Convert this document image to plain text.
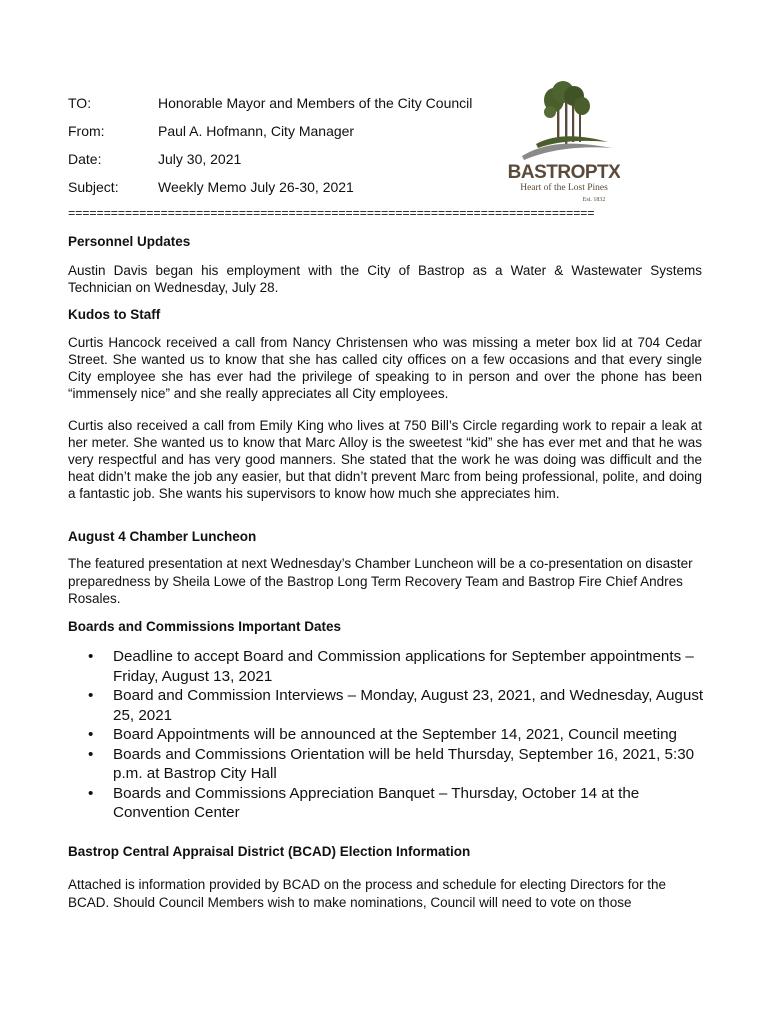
TO:	Honorable Mayor and Members of the City Council
From:	Paul A. Hofmann, City Manager
Date:	July 30, 2021
Subject:	Weekly Memo July 26-30, 2021
BASTROPTX
Heart of the Lost Pines
Est. 1832
==========================================================================
Personnel Updates
Austin Davis began his employment with the City of Bastrop as a Water & Wastewater Systems Technician on Wednesday, July 28.
Kudos to Staff
Curtis Hancock received a call from Nancy Christensen who was missing a meter box lid at 704 Cedar Street. She wanted us to know that she has called city offices on a few occasions and that every single City employee she has ever had the privilege of speaking to in person and over the phone has been “immensely nice” and she really appreciates all City employees.
Curtis also received a call from Emily King who lives at 750 Bill’s Circle regarding work to repair a leak at her meter. She wanted us to know that Marc Alloy is the sweetest “kid” she has ever met and that he was very respectful and has very good manners. She stated that the work he was doing was difficult and the heat didn’t make the job any easier, but that didn’t prevent Marc from being professional, polite, and doing a fantastic job. She wants his supervisors to know how much she appreciates him.
August 4 Chamber Luncheon
The featured presentation at next Wednesday’s Chamber Luncheon will be a co-presentation on disaster preparedness by Sheila Lowe of the Bastrop Long Term Recovery Team and Bastrop Fire Chief Andres Rosales.
Boards and Commissions Important Dates
• Deadline to accept Board and Commission applications for September appointments – Friday, August 13, 2021
• Board and Commission Interviews – Monday, August 23, 2021, and Wednesday, August 25, 2021
• Board Appointments will be announced at the September 14, 2021, Council meeting
• Boards and Commissions Orientation will be held Thursday, September 16, 2021, 5:30 p.m. at Bastrop City Hall
• Boards and Commissions Appreciation Banquet – Thursday, October 14 at the Convention Center
Bastrop Central Appraisal District (BCAD) Election Information
Attached is information provided by BCAD on the process and schedule for electing Directors for the BCAD. Should Council Members wish to make nominations, Council will need to vote on those
